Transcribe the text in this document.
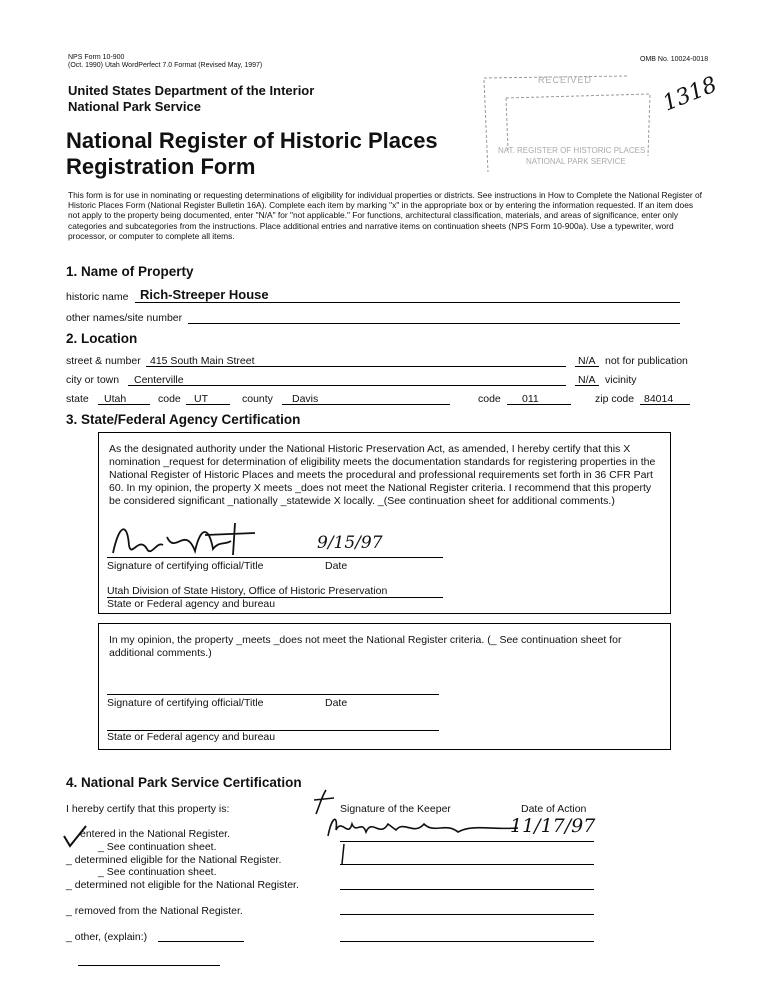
NPS Form 10-900
(Oct. 1990) Utah WordPerfect 7.0 Format (Revised May, 1997)
OMB No. 10024-0018
United States Department of the Interior
National Park Service
National Register of Historic Places
Registration Form
RECEIVED
NAT. REGISTER OF HISTORIC PLACES
NATIONAL PARK SERVICE
1318
This form is for use in nominating or requesting determinations of eligibility for individual properties or districts. See instructions in How to Complete the National Register of Historic Places Form (National Register Bulletin 16A). Complete each item by marking "x" in the appropriate box or by entering the information requested. If an item does not apply to the property being documented, enter "N/A" for "not applicable." For functions, architectural classification, materials, and areas of significance, enter only categories and subcategories from the instructions. Place additional entries and narrative items on continuation sheets (NPS Form 10-900a). Use a typewriter, word processor, or computer to complete all items.
1. Name of Property
historic name Rich-Streeper House
other names/site number
2. Location
street & number 415 South Main Street	N/A not for publication
city or town Centerville	N/A vicinity
state Utah	code UT	county Davis	code 011	zip code 84014
3. State/Federal Agency Certification
As the designated authority under the National Historic Preservation Act, as amended, I hereby certify that this X nomination _request for determination of eligibility meets the documentation standards for registering properties in the National Register of Historic Places and meets the procedural and professional requirements set forth in 36 CFR Part 60. In my opinion, the property X meets _does not meet the National Register criteria. I recommend that this property be considered significant _nationally _statewide X locally. _(See continuation sheet for additional comments.)
9/15/97
Signature of certifying official/Title	Date
Utah Division of State History, Office of Historic Preservation
State or Federal agency and bureau
In my opinion, the property _meets _does not meet the National Register criteria. (_ See continuation sheet for additional comments.)
Signature of certifying official/Title	Date
State or Federal agency and bureau
4. National Park Service Certification
I hereby certify that this property is:	Signature of the Keeper	Date of Action
11/17/97
entered in the National Register.
_ See continuation sheet.
_ determined eligible for the National Register.
_ See continuation sheet.
_ determined not eligible for the National Register.
_ removed from the National Register.
_ other, (explain:)
